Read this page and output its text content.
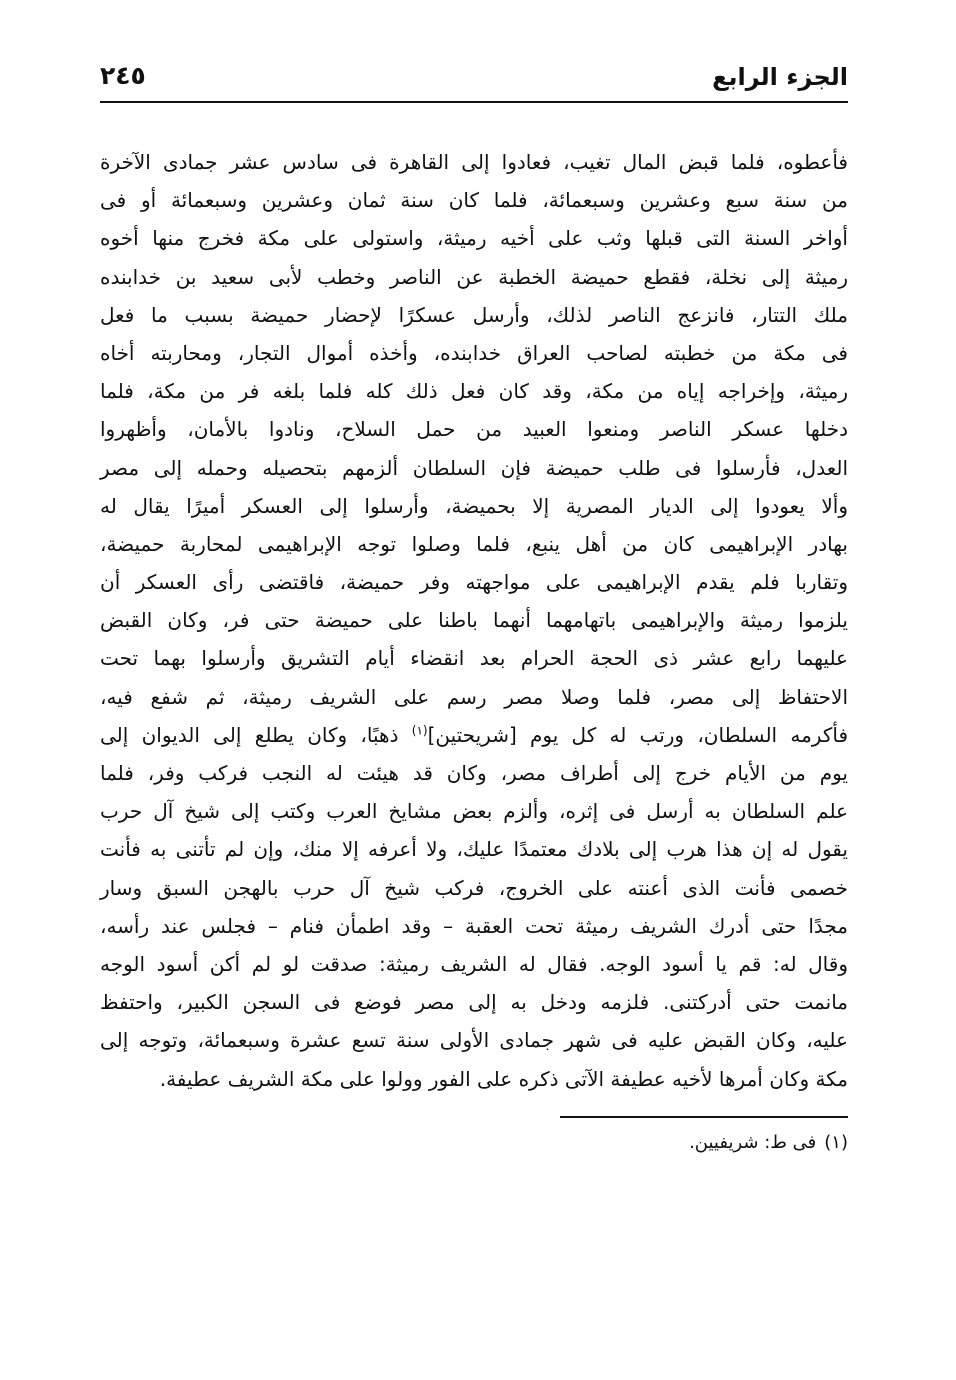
الجزء الرابع
٢٤٥
فأعطوه، فلما قبض المال تغيب، فعادوا إلى القاهرة فى سادس عشر جمادى الآخرة
من سنة سبع وعشرين وسبعمائة، فلما كان سنة ثمان وعشرين وسبعمائة أو فى
أواخر السنة التى قبلها وثب على أخيه رميثة، واستولى على مكة فخرج منها أخوه
رميثة إلى نخلة، فقطع حميضة الخطبة عن الناصر وخطب لأبى سعيد بن خدابنده
ملك التتار، فانزعج الناصر لذلك، وأرسل عسكرًا لإحضار حميضة بسبب ما فعل
فى مكة من خطبته لصاحب العراق خدابنده، وأخذه أموال التجار، ومحاربته أخاه
رميثة، وإخراجه إياه من مكة، وقد كان فعل ذلك كله فلما بلغه فر من مكة، فلما
دخلها عسكر الناصر ومنعوا العبيد من حمل السلاح، ونادوا بالأمان، وأظهروا
العدل، فأرسلوا فى طلب حميضة فإن السلطان ألزمهم بتحصيله وحمله إلى مصر
وألا يعودوا إلى الديار المصرية إلا بحميضة، وأرسلوا إلى العسكر أميرًا يقال له
بهادر الإبراهيمى كان من أهل ينبع، فلما وصلوا توجه الإبراهيمى لمحاربة حميضة،
وتقاربا فلم يقدم الإبراهيمى على مواجهته وفر حميضة، فاقتضى رأى العسكر أن
يلزموا رميثة والإبراهيمى باتهامهما أنهما باطنا على حميضة حتى فر، وكان القبض
عليهما رابع عشر ذى الحجة الحرام بعد انقضاء أيام التشريق وأرسلوا بهما تحت
الاحتفاظ إلى مصر، فلما وصلا مصر رسم على الشريف رميثة، ثم شفع فيه،
فأكرمه السلطان، ورتب له كل يوم [شريحتين]$^{(١)}$ ذهبًا، وكان يطلع إلى الديوان إلى
يوم من الأيام خرج إلى أطراف مصر، وكان قد هيئت له النجب فركب وفر، فلما
علم السلطان به أرسل فى إثره، وألزم بعض مشايخ العرب وكتب إلى شيخ آل حرب
يقول له إن هذا هرب إلى بلادك معتمدًا عليك، ولا أعرفه إلا منك، وإن لم تأتنى به فأنت
خصمى فأنت الذى أعنته على الخروج، فركب شيخ آل حرب بالهجن السبق وسار
مجدًا حتى أدرك الشريف رميثة تحت العقبة – وقد اطمأن فنام – فجلس عند رأسه،
وقال له: قم يا أسود الوجه. فقال له الشريف رميثة: صدقت لو لم أكن أسود الوجه
مانمت حتى أدركتنى. فلزمه ودخل به إلى مصر فوضع فى السجن الكبير، واحتفظ
عليه، وكان القبض عليه فى شهر جمادى الأولى سنة تسع عشرة وسبعمائة، وتوجه إلى
مكة وكان أمرها لأخيه عطيفة الآتى ذكره على الفور وولوا على مكة الشريف عطيفة.
(١)فى ط: شريفيين.
